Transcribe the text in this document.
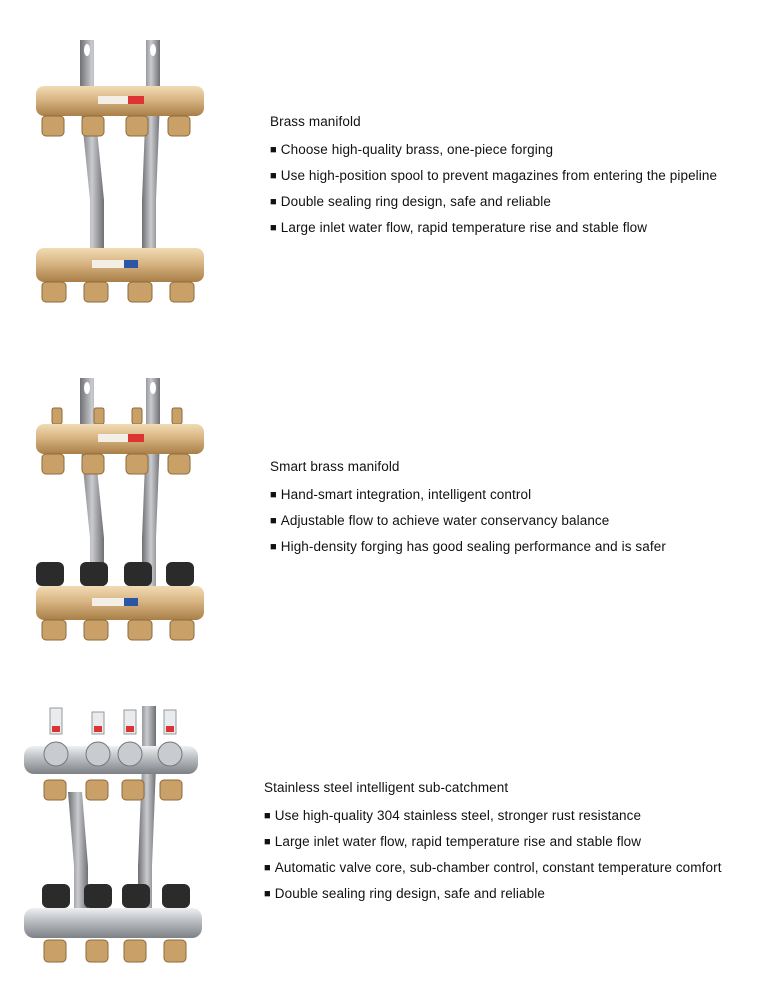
Brass manifold
■ Choose high-quality brass, one-piece forging
■ Use high-position spool to prevent magazines from entering the pipeline
■ Double sealing ring design, safe and reliable
■ Large inlet water flow, rapid temperature rise and stable flow
Smart brass manifold
■ Hand-smart integration, intelligent control
■ Adjustable flow to achieve water conservancy balance
■ High-density forging has good sealing performance and is safer
Stainless steel intelligent sub-catchment
■ Use high-quality 304 stainless steel, stronger rust resistance
■ Large inlet water flow, rapid temperature rise and stable flow
■ Automatic valve core, sub-chamber control, constant temperature comfort
■ Double sealing ring design, safe and reliable
